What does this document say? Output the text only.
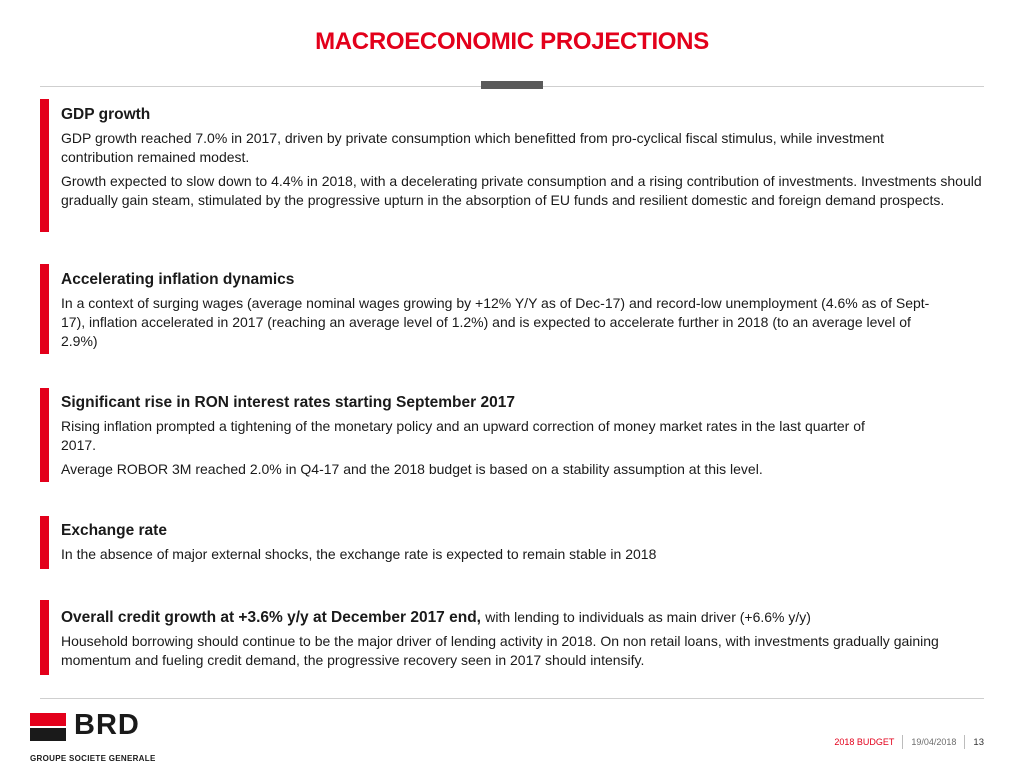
MACROECONOMIC PROJECTIONS
GDP growth
GDP growth reached 7.0% in 2017, driven by private consumption which benefitted from pro-cyclical fiscal stimulus, while investment contribution remained modest.
Growth expected to slow down to 4.4% in 2018, with a decelerating private consumption and a rising contribution of investments. Investments should gradually gain steam, stimulated by the progressive upturn in the absorption of EU funds and resilient domestic and foreign demand prospects.
Accelerating inflation dynamics
In a context of surging wages (average nominal wages growing by +12% Y/Y as of Dec-17) and record-low unemployment (4.6% as of Sept-17), inflation accelerated in 2017 (reaching an average level of 1.2%) and is expected to accelerate further in 2018 (to an average level of 2.9%)
Significant rise in RON interest rates starting September 2017
Rising inflation prompted a tightening of the monetary policy and an upward correction of money market rates in the last quarter of 2017.
Average ROBOR 3M reached 2.0% in Q4-17 and the 2018 budget is based on a stability assumption at this level.
Exchange rate
In the absence of major external shocks, the exchange rate is expected to remain stable in 2018
Overall credit growth at +3.6% y/y at December 2017 end, with lending to individuals as main driver (+6.6% y/y)
Household borrowing should continue to be the major driver of lending activity in 2018. On non retail loans, with investments gradually gaining momentum and fueling credit demand, the progressive recovery seen in 2017 should intensify.
BRD
GROUPE SOCIETE GENERALE
2018 BUDGET 19/04/2018 13
